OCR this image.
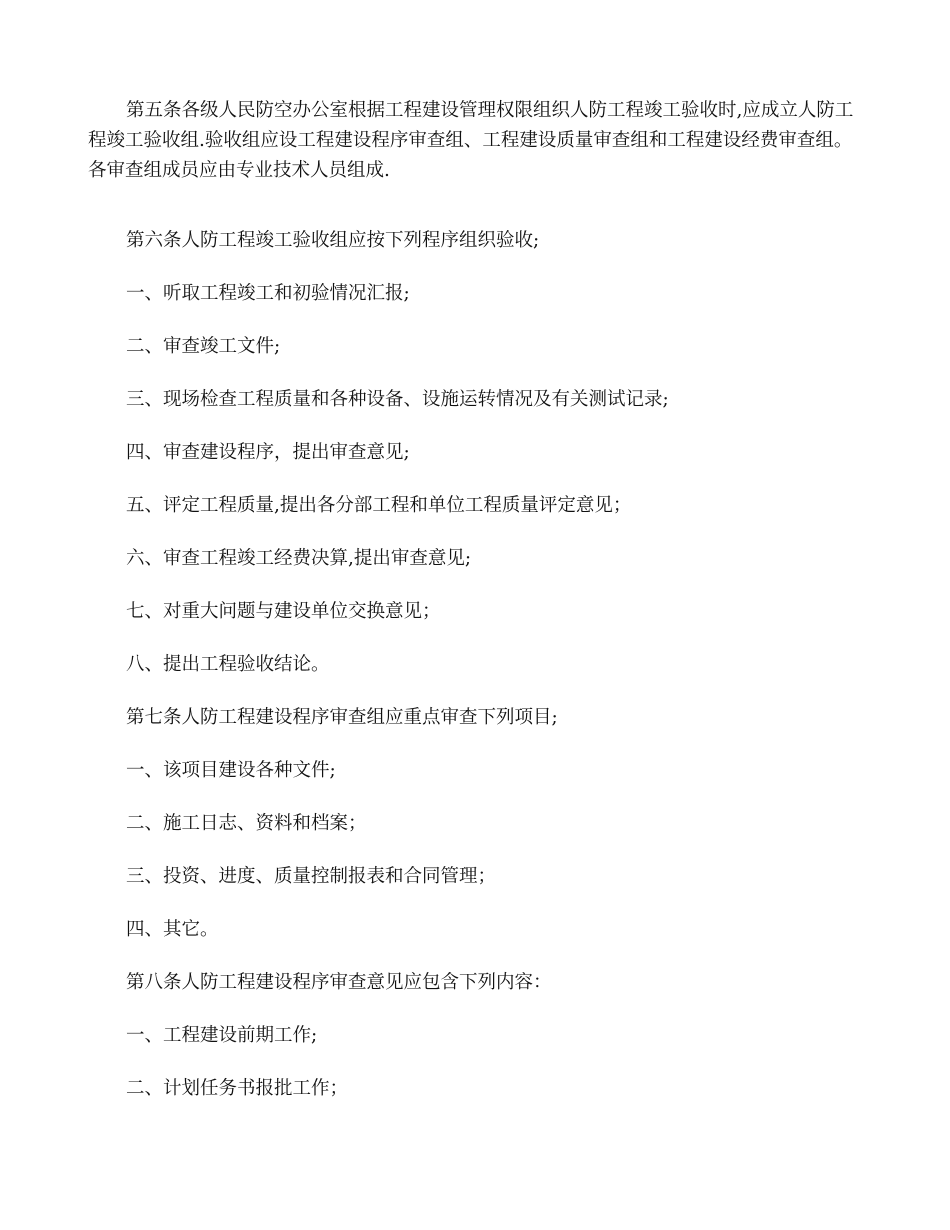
第五条各级人民防空办公室根据工程建设管理权限组织人防工程竣工验收时,应成立人防工程竣工验收组.验收组应设工程建设程序审查组、工程建设质量审查组和工程建设经费审查组。各审查组成员应由专业技术人员组成.

第六条人防工程竣工验收组应按下列程序组织验收;

一、听取工程竣工和初验情况汇报;

二、审查竣工文件;

三、现场检查工程质量和各种设备、设施运转情况及有关测试记录;

四、审查建设程序，提出审查意见;

五、评定工程质量,提出各分部工程和单位工程质量评定意见；

六、审查工程竣工经费决算,提出审查意见;

七、对重大问题与建设单位交换意见；

八、提出工程验收结论。

第七条人防工程建设程序审查组应重点审查下列项目;

一、该项目建设各种文件;

二、施工日志、资料和档案；

三、投资、进度、质量控制报表和合同管理；

四、其它。

第八条人防工程建设程序审查意见应包含下列内容：

一、工程建设前期工作;

二、计划任务书报批工作；
